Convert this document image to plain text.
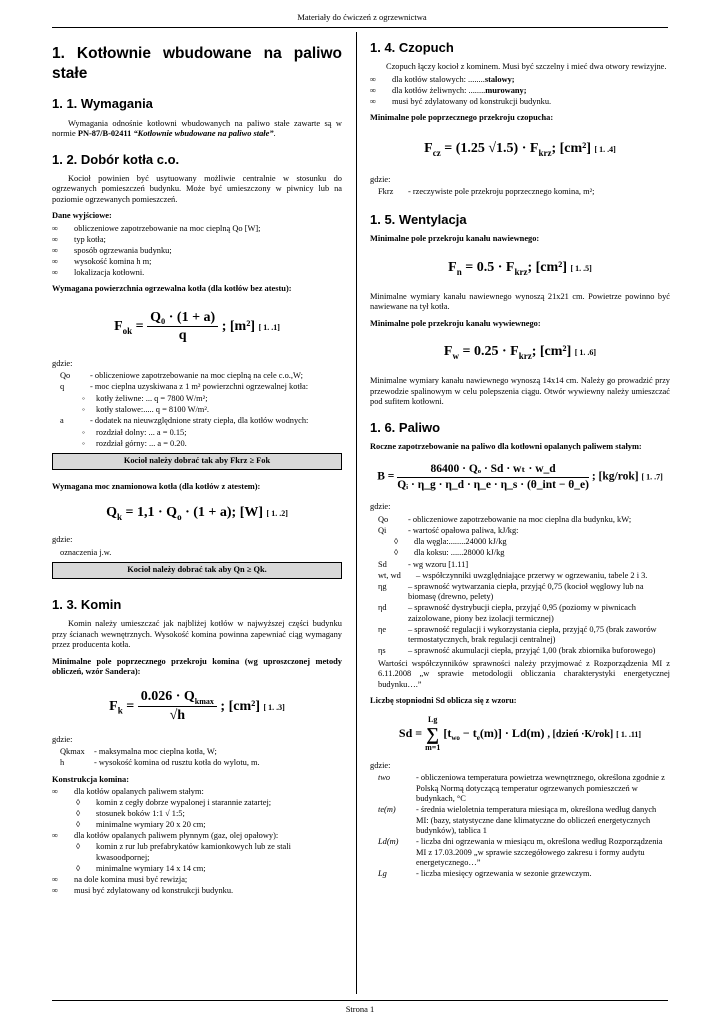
Materiały do ćwiczeń z ogrzewnictwa
1. Kotłownie wbudowane na paliwo stałe
1. 1. Wymagania

Wymagania odnośnie kotłowni wbudowanych na paliwo stałe zawarte są w normie PN-87/B-02411 “Kotłownie wbudowane na paliwo stałe”.

1. 2. Dobór kotła c.o.

Kocioł powinien być usytuowany możliwie centralnie w stosunku do ogrzewanych pomieszczeń budynku. Może być umieszczony w piwnicy lub na poziomie ogrzewanych pomieszczeń.

Dane wyjściowe:

∞ obliczeniowe zapotrzebowanie na moc cieplną Qo [W];
∞ typ kotła;
∞ sposób ogrzewania budynku;
∞ wysokość komina h m;
∞ lokalizacja kotłowni.

Wymagana powierzchnia ogrzewalna kotła (dla kotłów bez atestu):

$F_{ok} = \frac{\text{Q₀ · (1 + a)}}{q}$ ; [m²] [ 1. .1]

gdzie:

Qo	- obliczeniowe zapotrzebowanie na moc cieplną na cele c.o.,W;
q	- moc cieplna uzyskiwana z 1 m² powierzchni ogrzewalnej kotła:
◦ kotły żeliwne: ... q = 7800 W/m²;
◦ kotły stalowe:..... q = 8100 W/m².
a	- dodatek na nieuwzględnione straty ciepła, dla kotłów wodnych:
◦ rozdział dolny: ... a = 0.15;
◦ rozdział górny: ... a = 0.20.
Kocioł należy dobrać tak aby Fkrz ≥ Fok

Wymagana moc znamionowa kotła (dla kotłów z atestem):

$Q_k = 1,1 \cdot Q_o \cdot (1 + a)$; [W] [ 1. .2]

gdzie:

oznaczenia j.w.

Kocioł należy dobrać tak aby Qn ≥ Qk.
1. 3. Komin

Komin należy umieszczać jak najbliżej kotłów w najwyższej części budynku przy ścianach wewnętrznych. Wysokość komina powinna zapewniać ciąg wymagany przez producenta kotła.

Minimalne pole poprzecznego przekroju komina (wg uproszczonej metody obliczeń, wzór Sandera):

$F_k = \frac{0.026 \cdot Q_{kmax}}{√h}$ ; [cm²] [ 1. .3]

gdzie:

Qkmax	- maksymalna moc cieplna kotła, W;
h	- wysokość komina od rusztu kotła do wylotu, m.

Konstrukcja komina:

∞ dla kotłów opalanych paliwem stałym:
◊ komin z cegły dobrze wypalonej i starannie zatartej;
◊ stosunek boków 1:1 √ 1:5;
◊ minimalne wymiary 20 x 20 cm;
∞ dla kotłów opalanych paliwem płynnym (gaz, olej opałowy):
◊ komin z rur lub prefabrykatów kamionkowych lub ze stali kwasoodpornej;
◊ minimalne wymiary 14 x 14 cm;
∞ na dole komina musi być rewizja;
∞ musi być zdylatowany od konstrukcji budynku.
1. 4. Czopuch

Czopuch łączy kocioł z kominem. Musi być szczelny i mieć dwa otwory rewizyjne.

∞ dla kotłów stalowych: ........stalowy;
∞ dla kotłów żeliwnych: ........murowany;
∞ musi być zdylatowany od konstrukcji budynku.

Minimalne pole poprzecznego przekroju czopucha:

$F_{cz} = (1.25$ $√1.5) \cdot F_{krz}$; [cm²] [ 1. .4]

gdzie:

Fkrz	- rzeczywiste pole przekroju poprzecznego komina, m²;
1. 5. Wentylacja

Minimalne pole przekroju kanału nawiewnego:

$F_n = 0.5 \cdot F_{krz}$; [cm²] [ 1. .5]

Minimalne wymiary kanału nawiewnego wynoszą 21x21 cm. Powietrze powinno być nawiewane na tył kotła.

Minimalne pole przekroju kanału wywiewnego:

$F_w = 0.25 \cdot F_{krz}$; [cm²] [ 1. .6]

Minimalne wymiary kanału nawiewnego wynoszą 14x14 cm. Należy go prowadzić przy przewodzie spalinowym w celu polepszenia ciągu. Otwór wywiewny należy umieszczać pod sufitem kotłowni.

1. 6. Paliwo

Roczne zapotrzebowanie na paliwo dla kotłowni opalanych paliwem stałym:

$B = \frac{\text{86400 · Qₒ · Sd · wₜ · w\_d}}{\text{Qᵢ · η\_g · η\_d · η\_e · η\_s · (θ\_int − θ\_e)}}$ ; [kg/rok] [ 1. .7]

gdzie:

Qo	- obliczeniowe zapotrzebowanie na moc cieplna dla budynku, kW;
Qi	- wartość opałowa paliwa, kJ/kg:
◊ dla węgla:........24000 kJ/kg
◊ dla koksu: ......28000 kJ/kg
Sd	- wg wzoru [1.11]
wt, wd	– współczynniki uwzględniające przerwy w ogrzewaniu, tabele 2 i 3.
ηg	– sprawność wytwarzania ciepła, przyjąć 0,75 (kocioł węglowy lub na biomasę (drewno, pelety)
ηd	– sprawność dystrybucji ciepła, przyjąć 0,95 (poziomy w piwnicach zaizolowane, piony bez izolacji termicznej)
ηe	– sprawność regulacji i wykorzystania ciepła, przyjąć 0,75 (brak zaworów termostatycznych, brak regulacji centralnej)
ηs	– sprawność akumulacji ciepła, przyjąć 1,00 (brak zbiornika buforowego)

Wartości współczynników sprawności należy przyjmować z Rozporządzenia MI z 6.11.2008 „w sprawie metodologii obliczania charakterystyki energetycznej budynku….”

Liczbę stopniodni Sd oblicza się z wzoru:

Sd =
Lg
∑
m=1
$[t_{wo} - t_e(m)] \cdot Ld(m)$ , [dzień ·K/rok] [ 1. .11]

gdzie:

two	- obliczeniowa temperatura powietrza wewnętrznego, określona zgodnie z Polską Normą dotyczącą temperatur ogrzewanych pomieszczeń w budynkach, °C
te(m)	- średnia wieloletnia temperatura miesiąca m, określona według danych MI: (bazy, statystyczne dane klimatyczne do obliczeń energetycznych budynków), tablica 1
Ld(m)	- liczba dni ogrzewania w miesiącu m, określona według Rozporządzenia MI z 17.03.2009 „w sprawie szczegółowego zakresu i formy audytu energetycznego…”
Lg	- liczba miesięcy ogrzewania w sezonie grzewczym.
Strona 1
